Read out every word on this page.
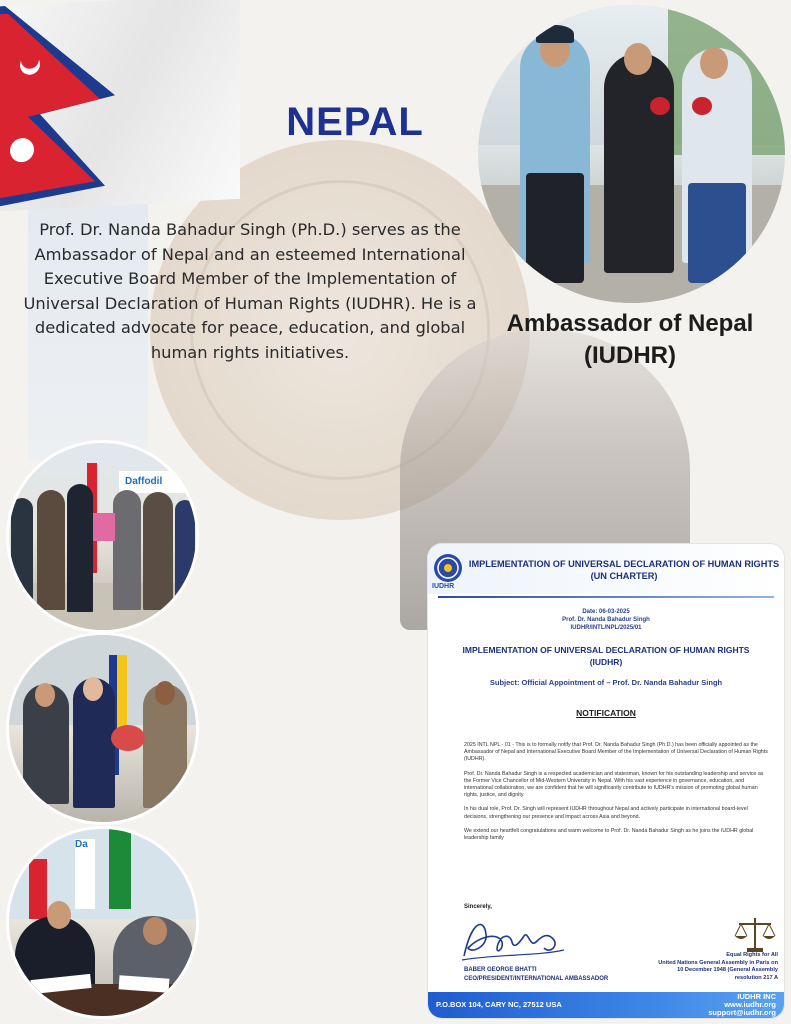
NEPAL
Prof. Dr. Nanda Bahadur Singh (Ph.D.) serves as the Ambassador of Nepal and an esteemed International Executive Board Member of the Implementation of Universal Declaration of Human Rights (IUDHR). He is a dedicated advocate for peace, education, and global human rights initiatives.
Ambassador of Nepal
(IUDHR)
Daffodil
Da
IUDHR
IMPLEMENTATION OF UNIVERSAL DECLARATION OF HUMAN RIGHTS
(UN CHARTER)
Date: 06-03-2025
Prof. Dr. Nanda Bahadur Singh
IUDHR/INTL/NPL/2025/01
IMPLEMENTATION OF UNIVERSAL DECLARATION OF HUMAN RIGHTS
(IUDHR)
Subject: Official Appointment of – Prof. Dr. Nanda Bahadur Singh
NOTIFICATION

2025 INTL NPL - 01 - This is to formally notify that Prof. Dr. Nanda Bahadur Singh (Ph.D.) has been officially appointed as the Ambassador of Nepal and International Executive Board Member of the Implementation of Universal Declaration of Human Rights (IUDHR).

Prof. Dr. Nanda Bahadur Singh is a respected academician and statesman, known for his outstanding leadership and service as the Former Vice Chancellor of Mid-Western University in Nepal. With his vast experience in governance, education, and international collaboration, we are confident that he will significantly contribute to IUDHR's mission of promoting global human rights, justice, and dignity.

In his dual role, Prof. Dr. Singh will represent IUDHR throughout Nepal and actively participate in international board-level decisions, strengthening our presence and impact across Asia and beyond.

We extend our heartfelt congratulations and warm welcome to Prof. Dr. Nanda Bahadur Singh as he joins the IUDHR global leadership family

Sincerely,
BABER GEORGE BHATTI
CEO/PRESIDENT/INTERNATIONAL AMBASSADOR
Equal Rights for All
United Nations General Assembly in Paris on
10 December 1948 (General Assembly
resolution 217 A
P.O.BOX 104, CARY NC, 27512 USA
IUDHR INC
www.iudhr.org
support@iudhr.org
